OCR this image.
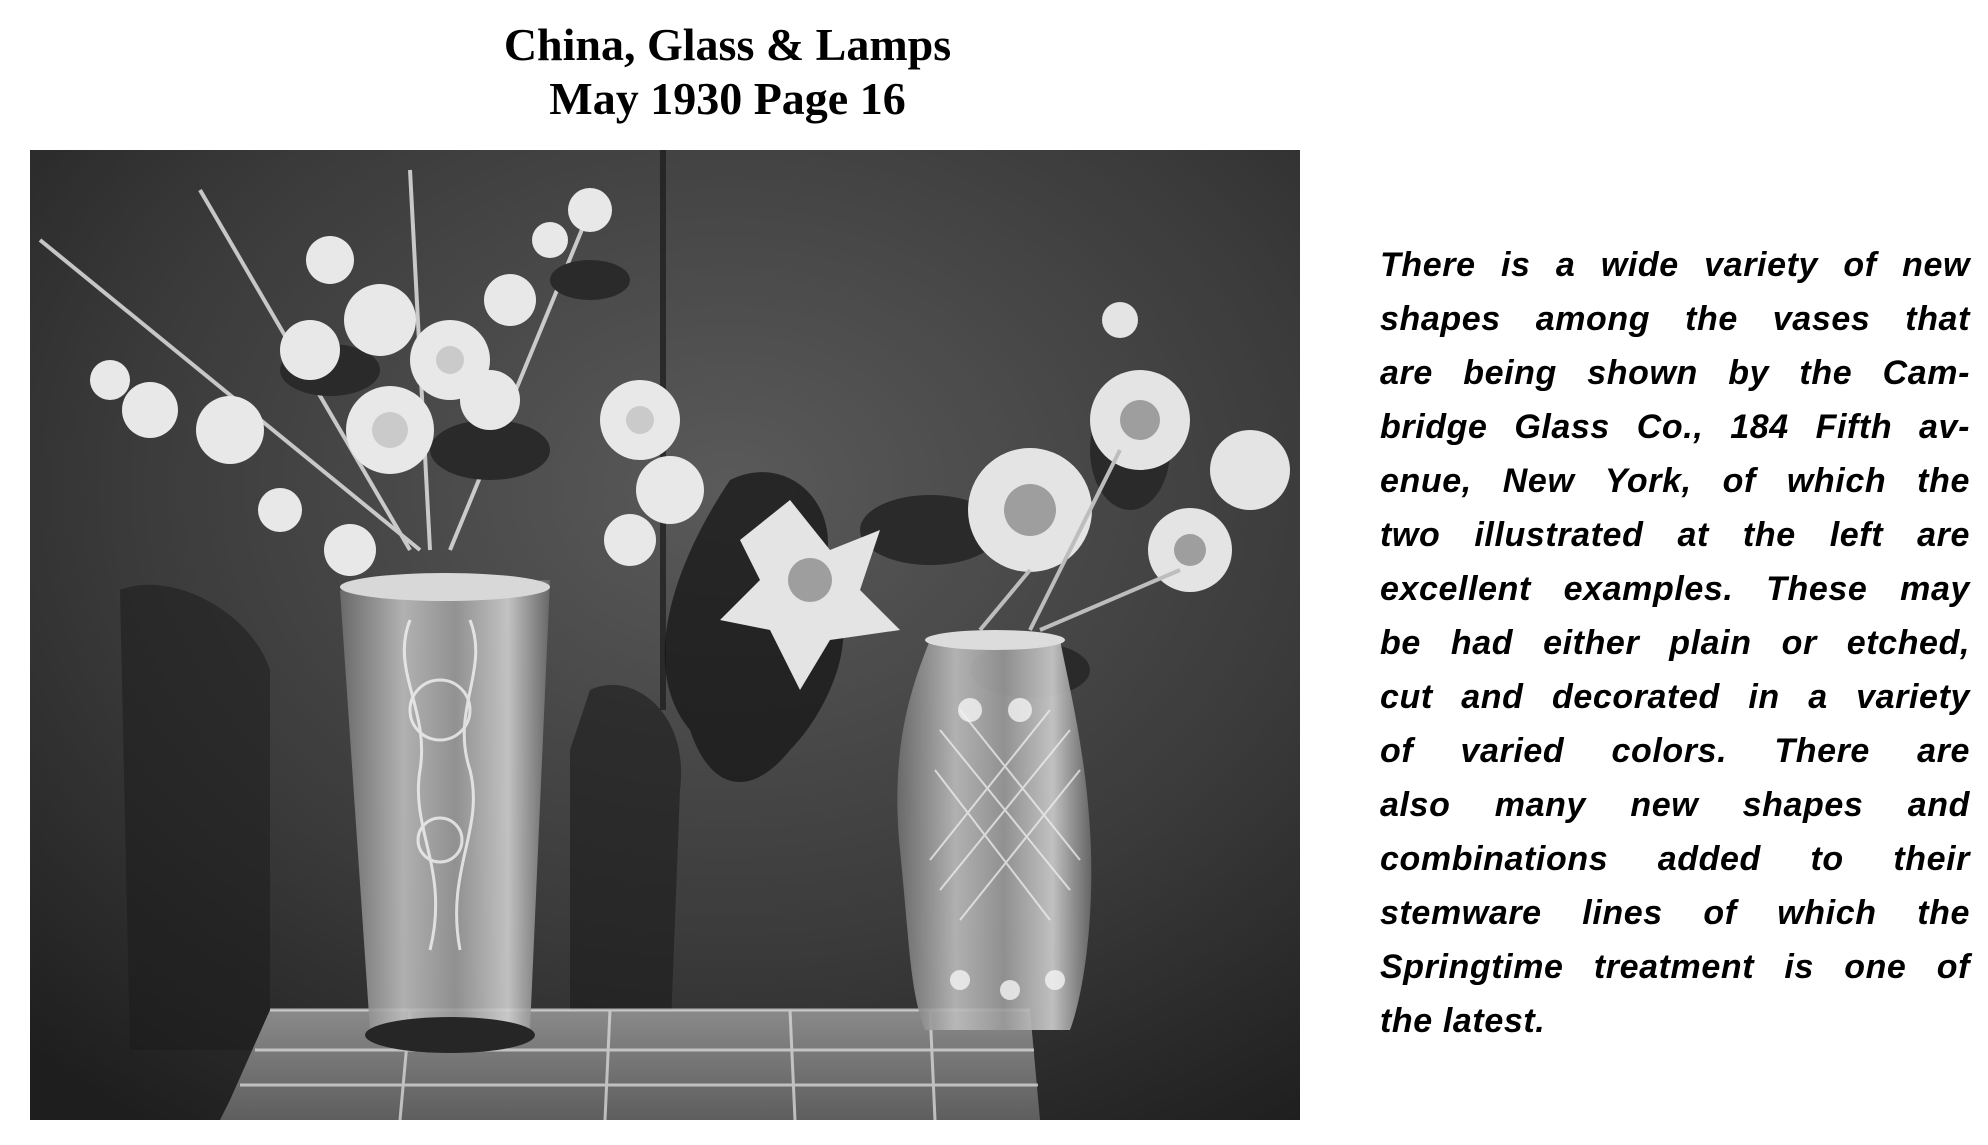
China, Glass & Lamps
May 1930 Page 16
There is a wide variety of new
shapes among the vases that
are being shown by the Cam-
bridge Glass Co., 184 Fifth av-
enue, New York, of which the
two illustrated at the left are
excellent examples. These may
be had either plain or etched,
cut and decorated in a variety
of varied colors. There are
also many new shapes and
combinations added to their
stemware lines of which the
Springtime treatment is one of
the latest.
